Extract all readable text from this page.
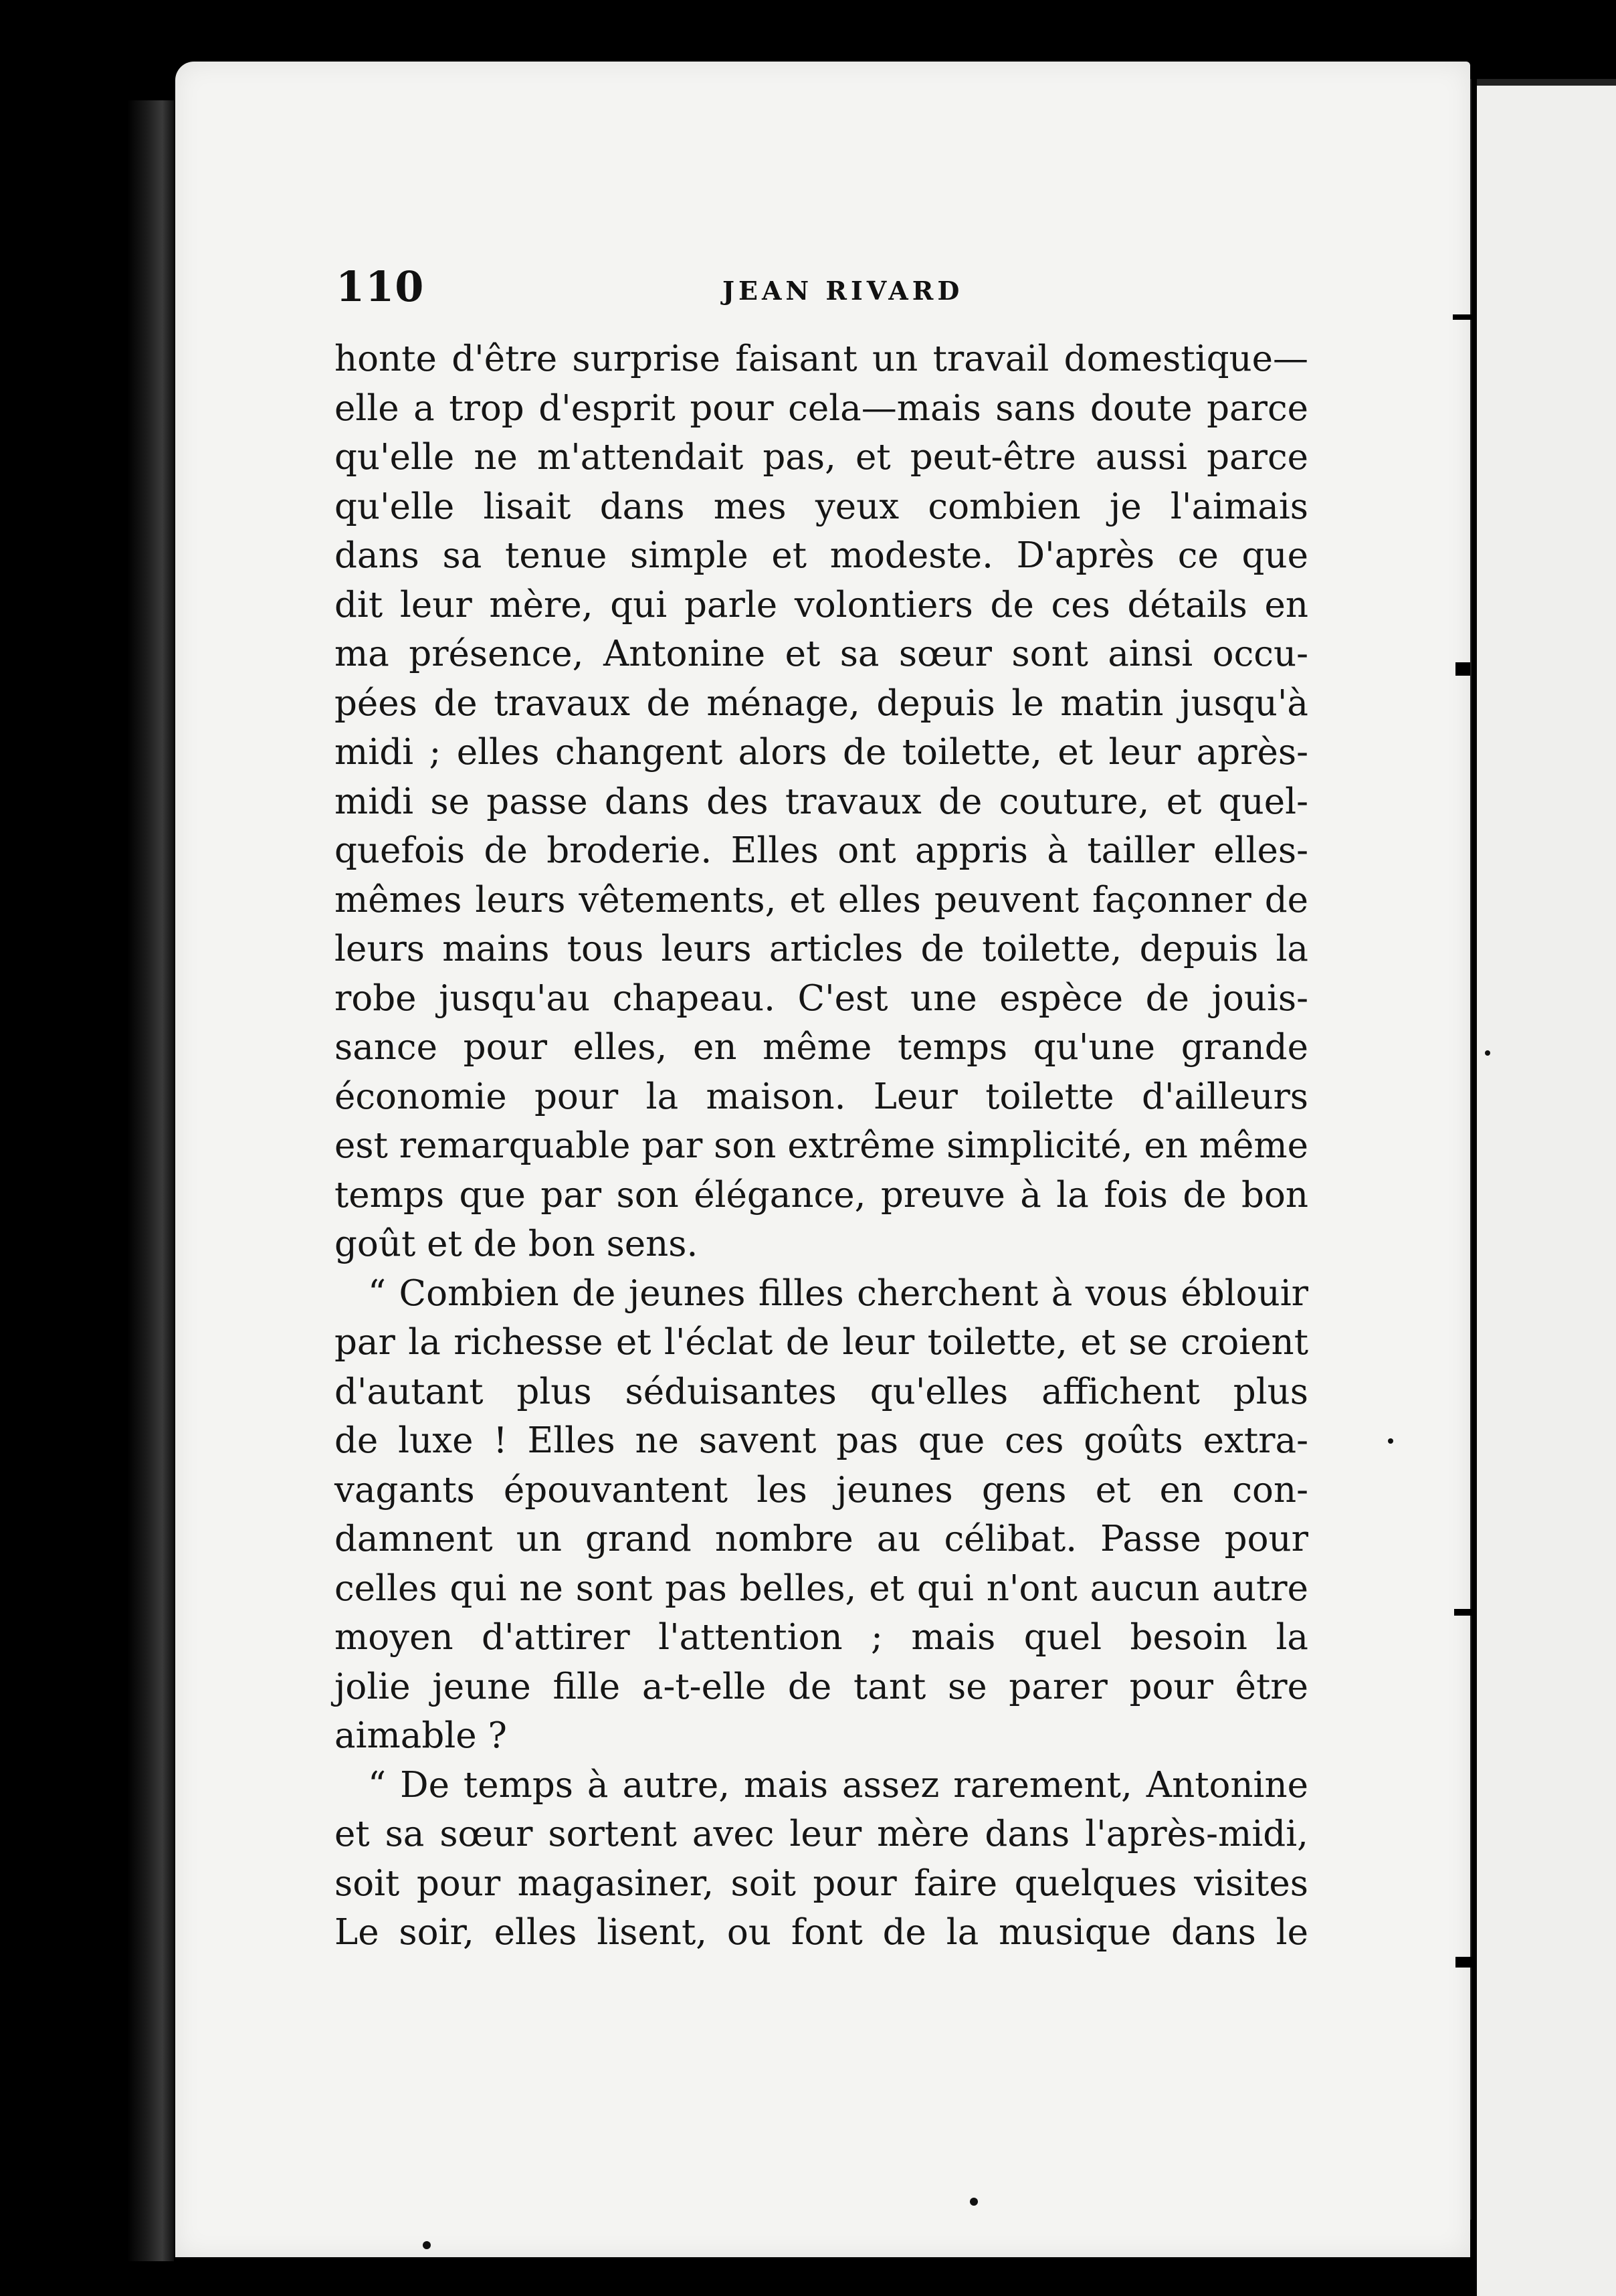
110	JEAN RIVARD
honte d'être surprise faisant un travail domestique—
elle a trop d'esprit pour cela—mais sans doute parce
qu'elle ne m'attendait pas, et peut-être aussi parce
qu'elle lisait dans mes yeux combien je l'aimais
dans sa tenue simple et modeste. D'après ce que
dit leur mère, qui parle volontiers de ces détails en
ma présence, Antonine et sa sœur sont ainsi occu-
pées de travaux de ménage, depuis le matin jusqu'à
midi ; elles changent alors de toilette, et leur après-
midi se passe dans des travaux de couture, et quel-
quefois de broderie. Elles ont appris à tailler elles-
mêmes leurs vêtements, et elles peuvent façonner de
leurs mains tous leurs articles de toilette, depuis la
robe jusqu'au chapeau. C'est une espèce de jouis-
sance pour elles, en même temps qu'une grande
économie pour la maison. Leur toilette d'ailleurs
est remarquable par son extrême simplicité, en même
temps que par son élégance, preuve à la fois de bon
goût et de bon sens.
“ Combien de jeunes filles cherchent à vous éblouir
par la richesse et l'éclat de leur toilette, et se croient
d'autant plus séduisantes qu'elles affichent plus
de luxe ! Elles ne savent pas que ces goûts extra-
vagants épouvantent les jeunes gens et en con-
damnent un grand nombre au célibat. Passe pour
celles qui ne sont pas belles, et qui n'ont aucun autre
moyen d'attirer l'attention ; mais quel besoin la
jolie jeune fille a-t-elle de tant se parer pour être
aimable ?
“ De temps à autre, mais assez rarement, Antonine
et sa sœur sortent avec leur mère dans l'après-midi,
soit pour magasiner, soit pour faire quelques visites
Le soir, elles lisent, ou font de la musique dans le
